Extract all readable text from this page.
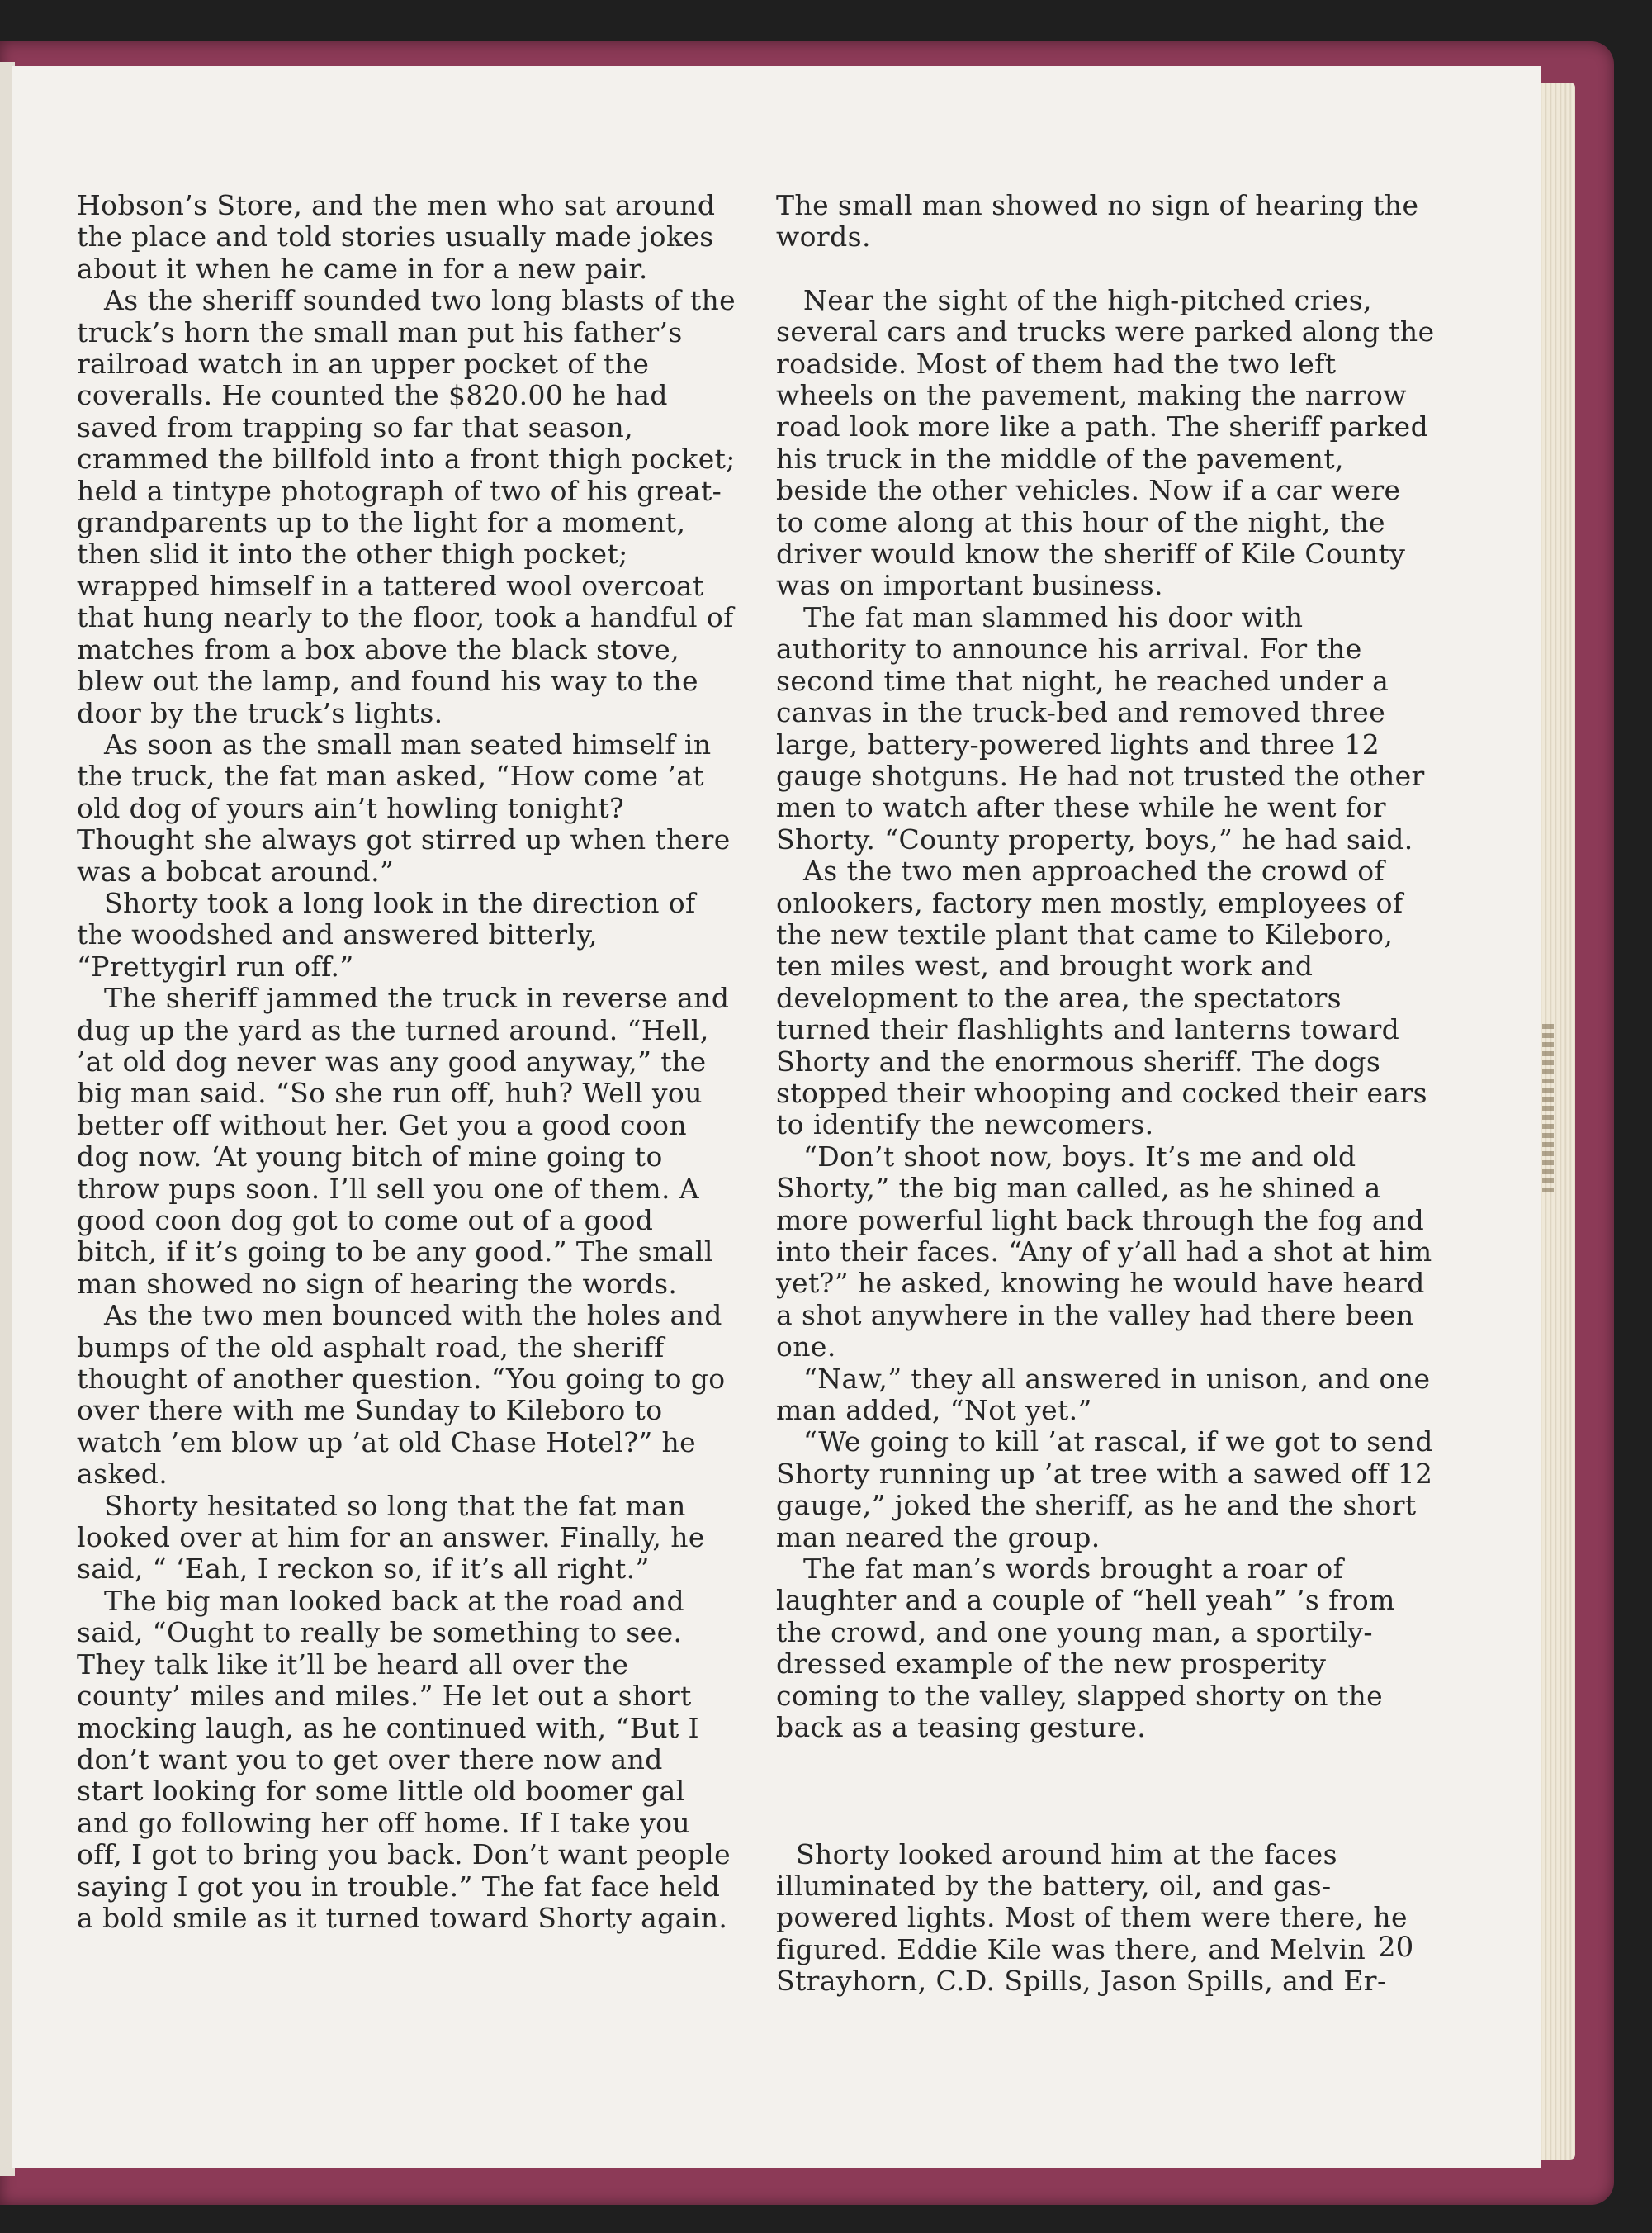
Hobson’s Store, and the men who sat around the place and told stories usually made jokes about it when he came in for a new pair.

As the sheriff sounded two long blasts of the truck’s horn the small man put his father’s railroad watch in an upper pocket of the coveralls. He counted the $820.00 he had saved from trapping so far that season, crammed the billfold into a front thigh pocket; held a tintype photograph of two of his great-grandparents up to the light for a moment, then slid it into the other thigh pocket; wrapped himself in a tattered wool overcoat that hung nearly to the floor, took a handful of matches from a box above the black stove, blew out the lamp, and found his way to the door by the truck’s lights.

As soon as the small man seated himself in the truck, the fat man asked, “How come ’at old dog of yours ain’t howling tonight? Thought she always got stirred up when there was a bobcat around.”

Shorty took a long look in the direction of the woodshed and answered bitterly, “Prettygirl run off.”

The sheriff jammed the truck in reverse and dug up the yard as the turned around. “Hell, ’at old dog never was any good anyway,” the big man said. “So she run off, huh? Well you better off without her. Get you a good coon dog now. ‘At young bitch of mine going to throw pups soon. I’ll sell you one of them. A good coon dog got to come out of a good bitch, if it’s going to be any good.” The small man showed no sign of hearing the words.

As the two men bounced with the holes and bumps of the old asphalt road, the sheriff thought of another question. “You going to go over there with me Sunday to Kileboro to watch ’em blow up ’at old Chase Hotel?” he asked.

Shorty hesitated so long that the fat man looked over at him for an answer. Finally, he said, “ ‘Eah, I reckon so, if it’s all right.”

The big man looked back at the road and said, “Ought to really be something to see. They talk like it’ll be heard all over the county’ miles and miles.” He let out a short mocking laugh, as he continued with, “But I don’t want you to get over there now and start looking for some little old boomer gal and go following her off home. If I take you off, I got to bring you back. Don’t want people saying I got you in trouble.” The fat face held a bold smile as it turned toward Shorty again.

The small man showed no sign of hearing the words.

Near the sight of the high-pitched cries, several cars and trucks were parked along the roadside. Most of them had the two left wheels on the pavement, making the narrow road look more like a path. The sheriff parked his truck in the middle of the pavement, beside the other vehicles. Now if a car were to come along at this hour of the night, the driver would know the sheriff of Kile County was on important business.

The fat man slammed his door with authority to announce his arrival. For the second time that night, he reached under a canvas in the truck-bed and removed three large, battery-powered lights and three 12 gauge shotguns. He had not trusted the other men to watch after these while he went for Shorty. “County property, boys,” he had said.

As the two men approached the crowd of onlookers, factory men mostly, employees of the new textile plant that came to Kileboro, ten miles west, and brought work and development to the area, the spectators turned their flashlights and lanterns toward Shorty and the enormous sheriff. The dogs stopped their whooping and cocked their ears to identify the newcomers.

“Don’t shoot now, boys. It’s me and old Shorty,” the big man called, as he shined a more powerful light back through the fog and into their faces. “Any of y’all had a shot at him yet?” he asked, knowing he would have heard a shot anywhere in the valley had there been one.

“Naw,” they all answered in unison, and one man added, “Not yet.”

“We going to kill ’at rascal, if we got to send Shorty running up ’at tree with a sawed off 12 gauge,” joked the sheriff, as he and the short man neared the group.

The fat man’s words brought a roar of laughter and a couple of “hell yeah” ’s from the crowd, and one young man, a sportily-dressed example of the new prosperity coming to the valley, slapped shorty on the back as a teasing gesture.

Shorty looked around him at the faces illuminated by the battery, oil, and gas-powered lights. Most of them were there, he figured. Eddie Kile was there, and Melvin Strayhorn, C.D. Spills, Jason Spills, and Er-

20
